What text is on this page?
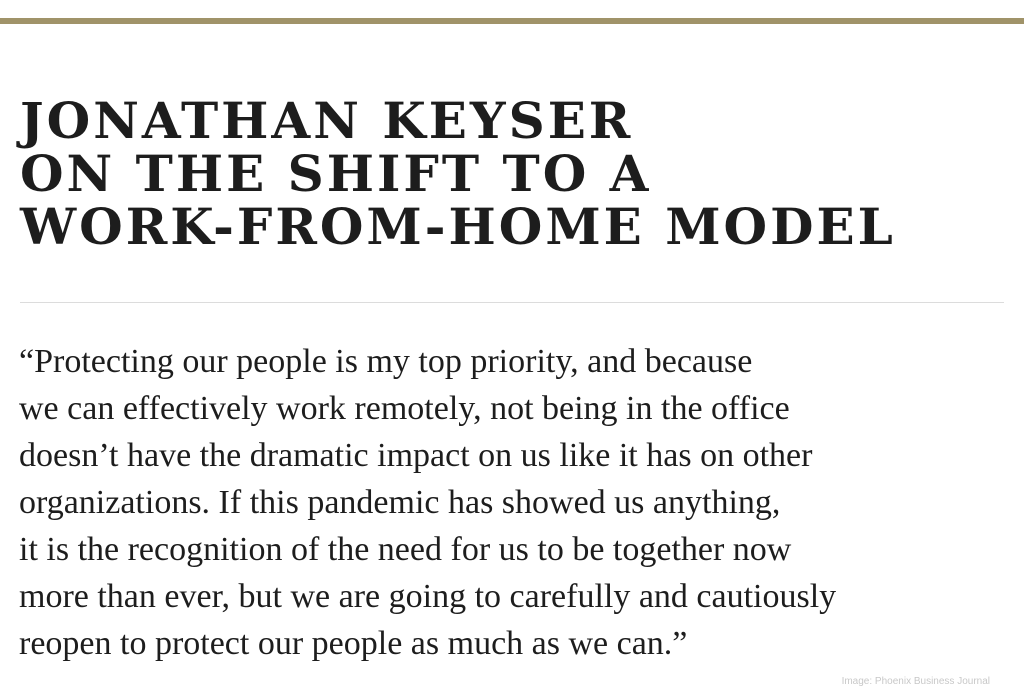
JONATHAN KEYSER
ON THE SHIFT TO A
WORK-FROM-HOME MODEL
“Protecting our people is my top priority, and because
we can effectively work remotely, not being in the office
doesn’t have the dramatic impact on us like it has on other
organizations. If this pandemic has showed us anything,
it is the recognition of the need for us to be together now
more than ever, but we are going to carefully and cautiously
reopen to protect our people as much as we can.”
Image: Phoenix Business Journal
